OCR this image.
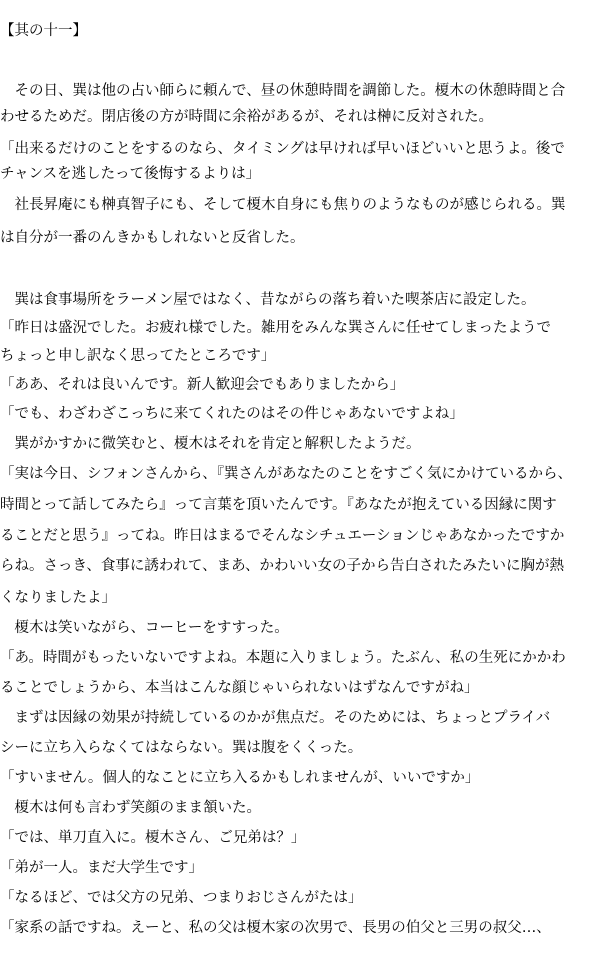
【其の十一】
　その日、巽は他の占い師らに頼んで、昼の休憩時間を調節した。榎木の休憩時間と合
わせるためだ。閉店後の方が時間に余裕があるが、それは榊に反対された。
「出来るだけのことをするのなら、タイミングは早ければ早いほどいいと思うよ。後で
チャンスを逃したって後悔するよりは」
　社長昇庵にも榊真智子にも、そして榎木自身にも焦りのようなものが感じられる。巽
は自分が一番のんきかもしれないと反省した。
　巽は食事場所をラーメン屋ではなく、昔ながらの落ち着いた喫茶店に設定した。
「昨日は盛況でした。お疲れ様でした。雑用をみんな巽さんに任せてしまったようで
ちょっと申し訳なく思ってたところです」
「ああ、それは良いんです。新人歓迎会でもありましたから」
「でも、わざわざこっちに来てくれたのはその件じゃあないですよね」
　巽がかすかに微笑むと、榎木はそれを肯定と解釈したようだ。
「実は今日、シフォンさんから、『巽さんがあなたのことをすごく気にかけているから、
時間とって話してみたら』って言葉を頂いたんです。『あなたが抱えている因縁に関す
ることだと思う』ってね。昨日はまるでそんなシチュエーションじゃあなかったですか
らね。さっき、食事に誘われて、まあ、かわいい女の子から告白されたみたいに胸が熱
くなりましたよ」
　榎木は笑いながら、コーヒーをすすった。
「あ。時間がもったいないですよね。本題に入りましょう。たぶん、私の生死にかかわ
ることでしょうから、本当はこんな顔じゃいられないはずなんですがね」
　まずは因縁の効果が持続しているのかが焦点だ。そのためには、ちょっとプライバ
シーに立ち入らなくてはならない。巽は腹をくくった。
「すいません。個人的なことに立ち入るかもしれませんが、いいですか」
　榎木は何も言わず笑顔のまま頷いた。
「では、単刀直入に。榎木さん、ご兄弟は？」
「弟が一人。まだ大学生です」
「なるほど、では父方の兄弟、つまりおじさんがたは」
「家系の話ですね。えーと、私の父は榎木家の次男で、長男の伯父と三男の叔父…、
